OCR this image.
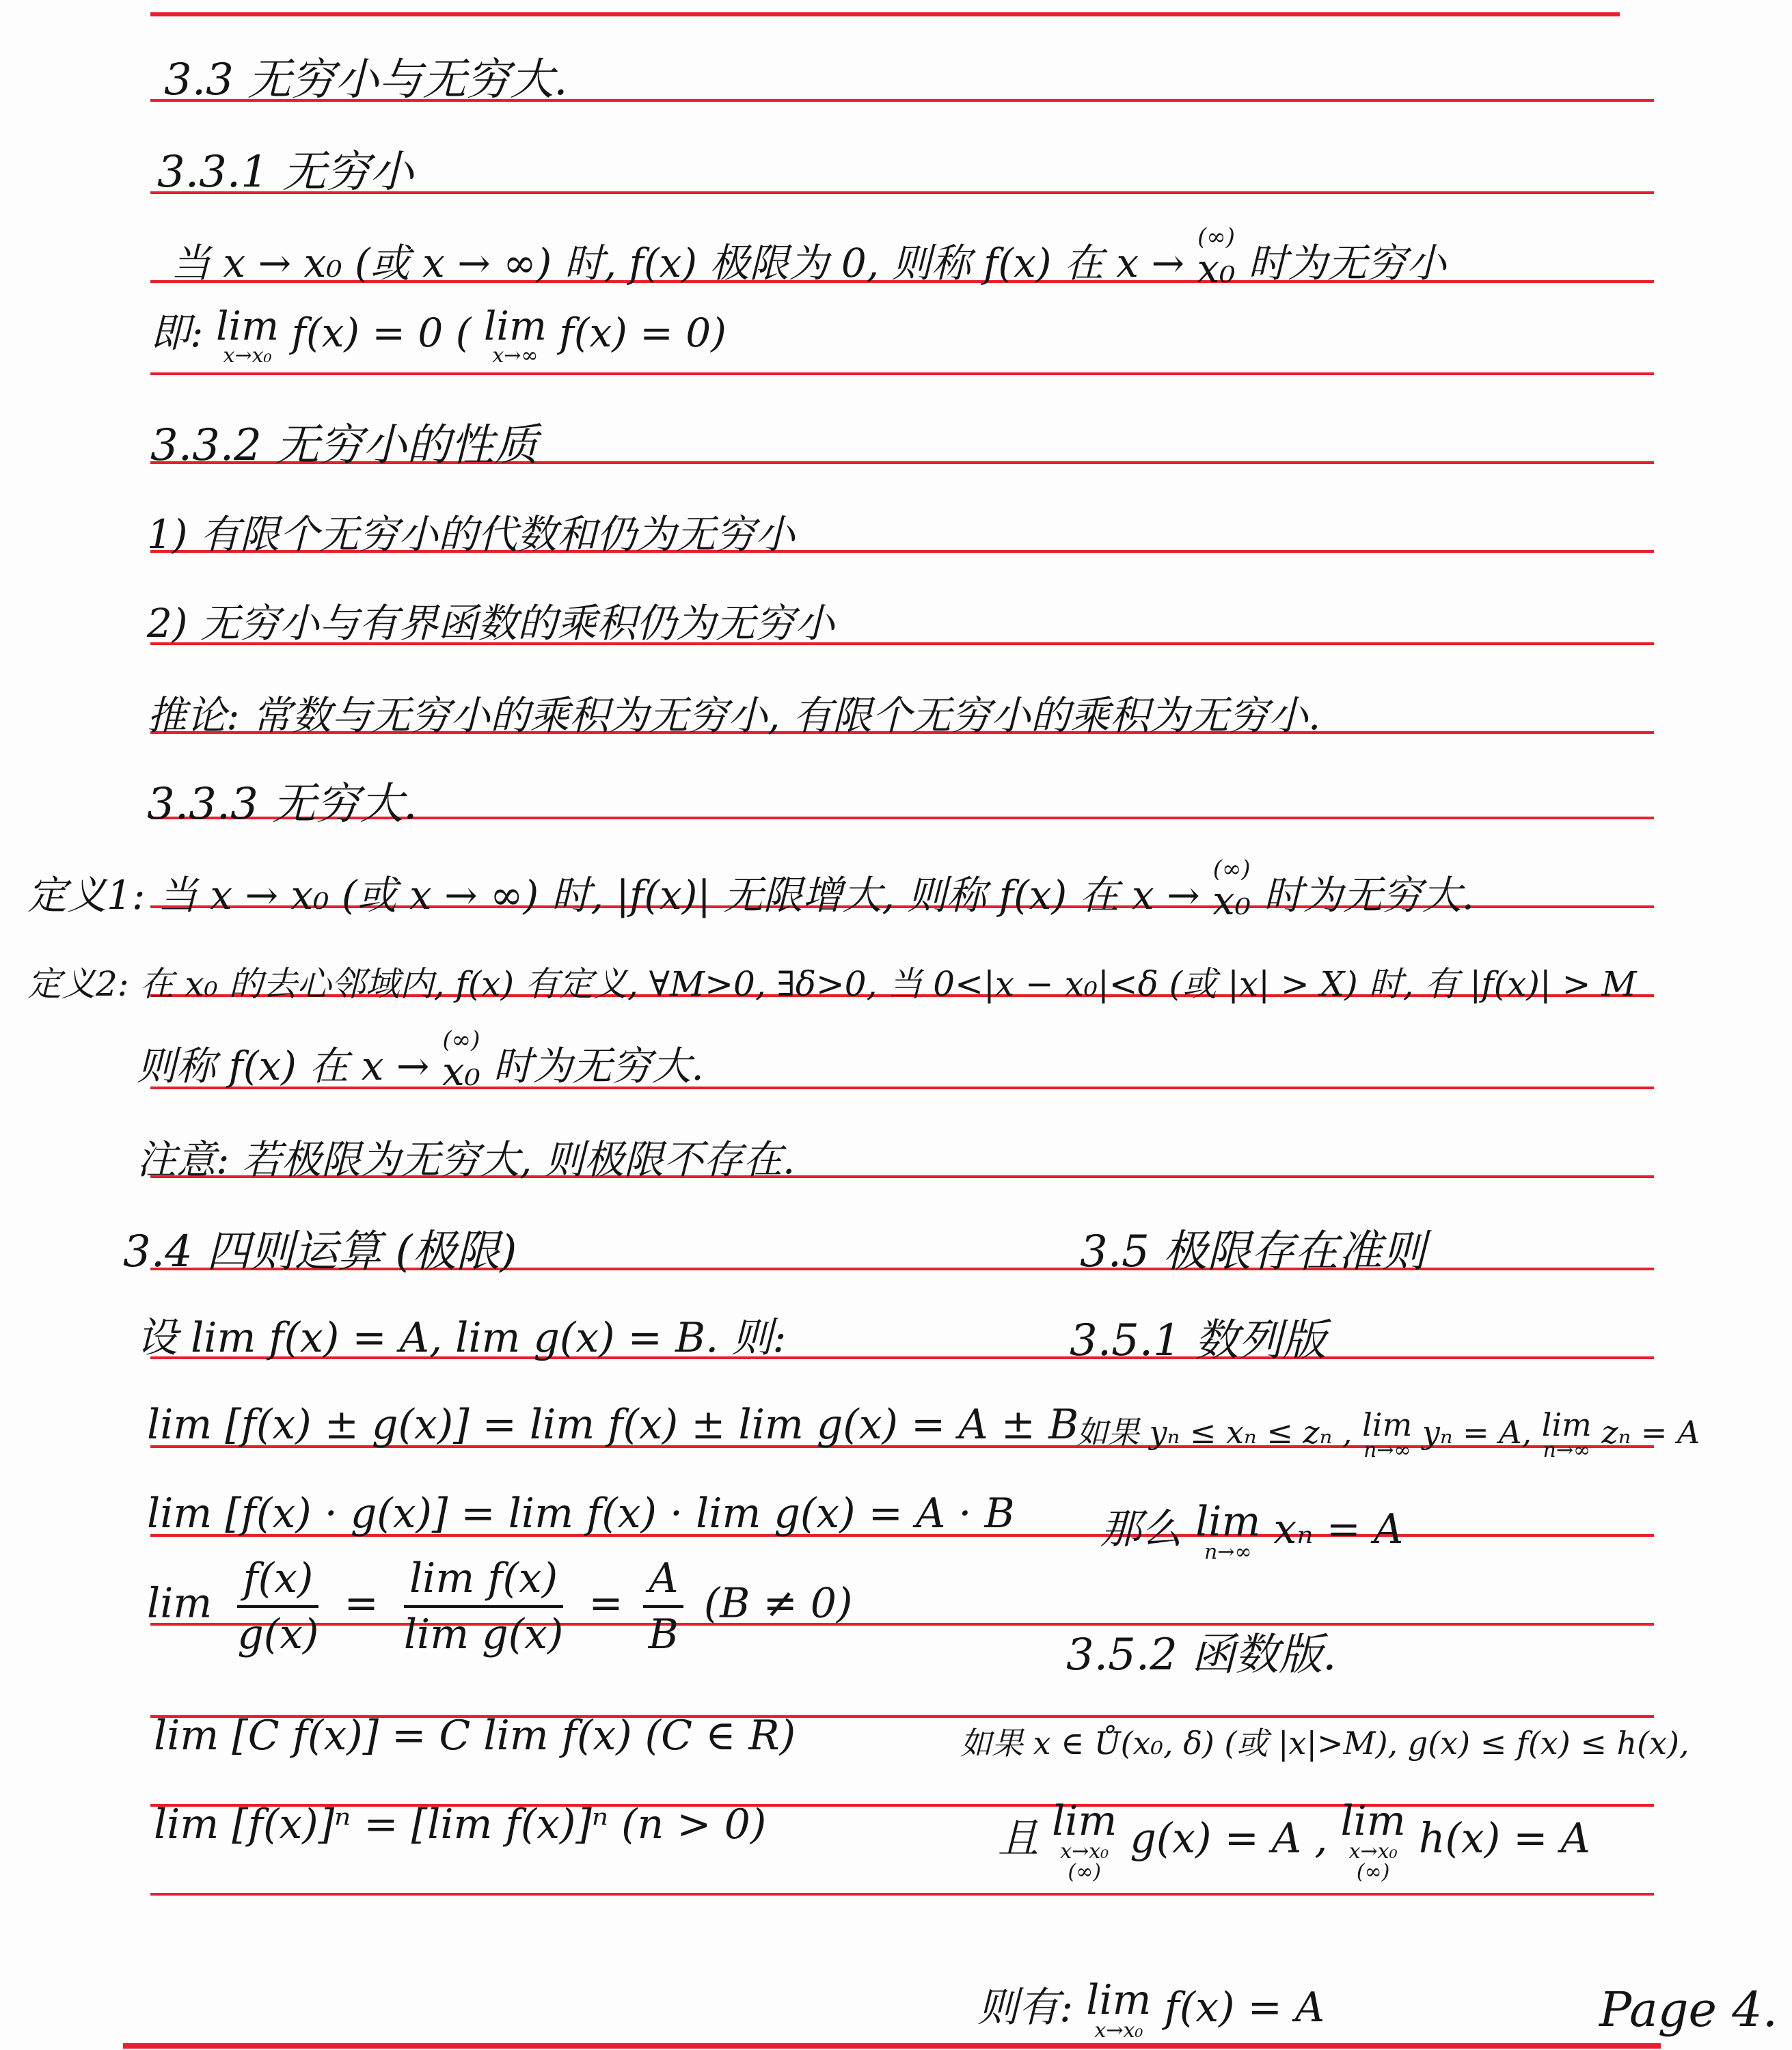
3.3 无穷小与无穷大.
3.3.1 无穷小
当 x → x₀ (或 x → ∞) 时, f(x) 极限为 0, 则称 f(x) 在 x →
(∞)
x₀ 时为无穷小
即: lim
x→x₀ f(x) = 0 ( lim
x→∞ f(x) = 0)
3.3.2 无穷小的性质
1) 有限个无穷小的代数和仍为无穷小
2) 无穷小与有界函数的乘积仍为无穷小
推论: 常数与无穷小的乘积为无穷小, 有限个无穷小的乘积为无穷小.
3.3.3 无穷大.
定义1: 当 x → x₀ (或 x → ∞) 时, |f(x)| 无限增大, 则称 f(x) 在 x →
(∞)
x₀ 时为无穷大.
定义2: 在 x₀ 的去心邻域内, f(x) 有定义, ∀M>0, ∃δ>0, 当 0<|x − x₀|<δ (或 |x| > X) 时, 有 |f(x)| > M
则称 f(x) 在 x →
(∞)
x₀ 时为无穷大.
注意: 若极限为无穷大, 则极限不存在.
3.4 四则运算 (极限)
设 lim f(x) = A, lim g(x) = B. 则:
lim [f(x) ± g(x)] = lim f(x) ± lim g(x) = A ± B
lim [f(x) · g(x)] = lim f(x) · lim g(x) = A · B
$\lim \frac{f(x)}{g(x)} = \frac{\text{lim f(x)}}{\text{lim g(x)}} = \frac{A}{B} (B \ne 0)$
lim [C f(x)] = C lim f(x) (C ∈ R)
lim [f(x)]ⁿ = [lim f(x)]ⁿ (n > 0)
3.5 极限存在准则
3.5.1 数列版
如果 yₙ ≤ xₙ ≤ zₙ , lim
n→∞ yₙ = A, lim
n→∞ zₙ = A
那么 lim
n→∞ xₙ = A
3.5.2 函数版.
如果 x ∈ Ů(x₀, δ) (或 |x|>M), g(x) ≤ f(x) ≤ h(x),
且 lim
x→x₀
(∞)
g(x) = A , lim
x→x₀
(∞)
h(x) = A
则有: lim
x→x₀ f(x) = A	Page 4.
